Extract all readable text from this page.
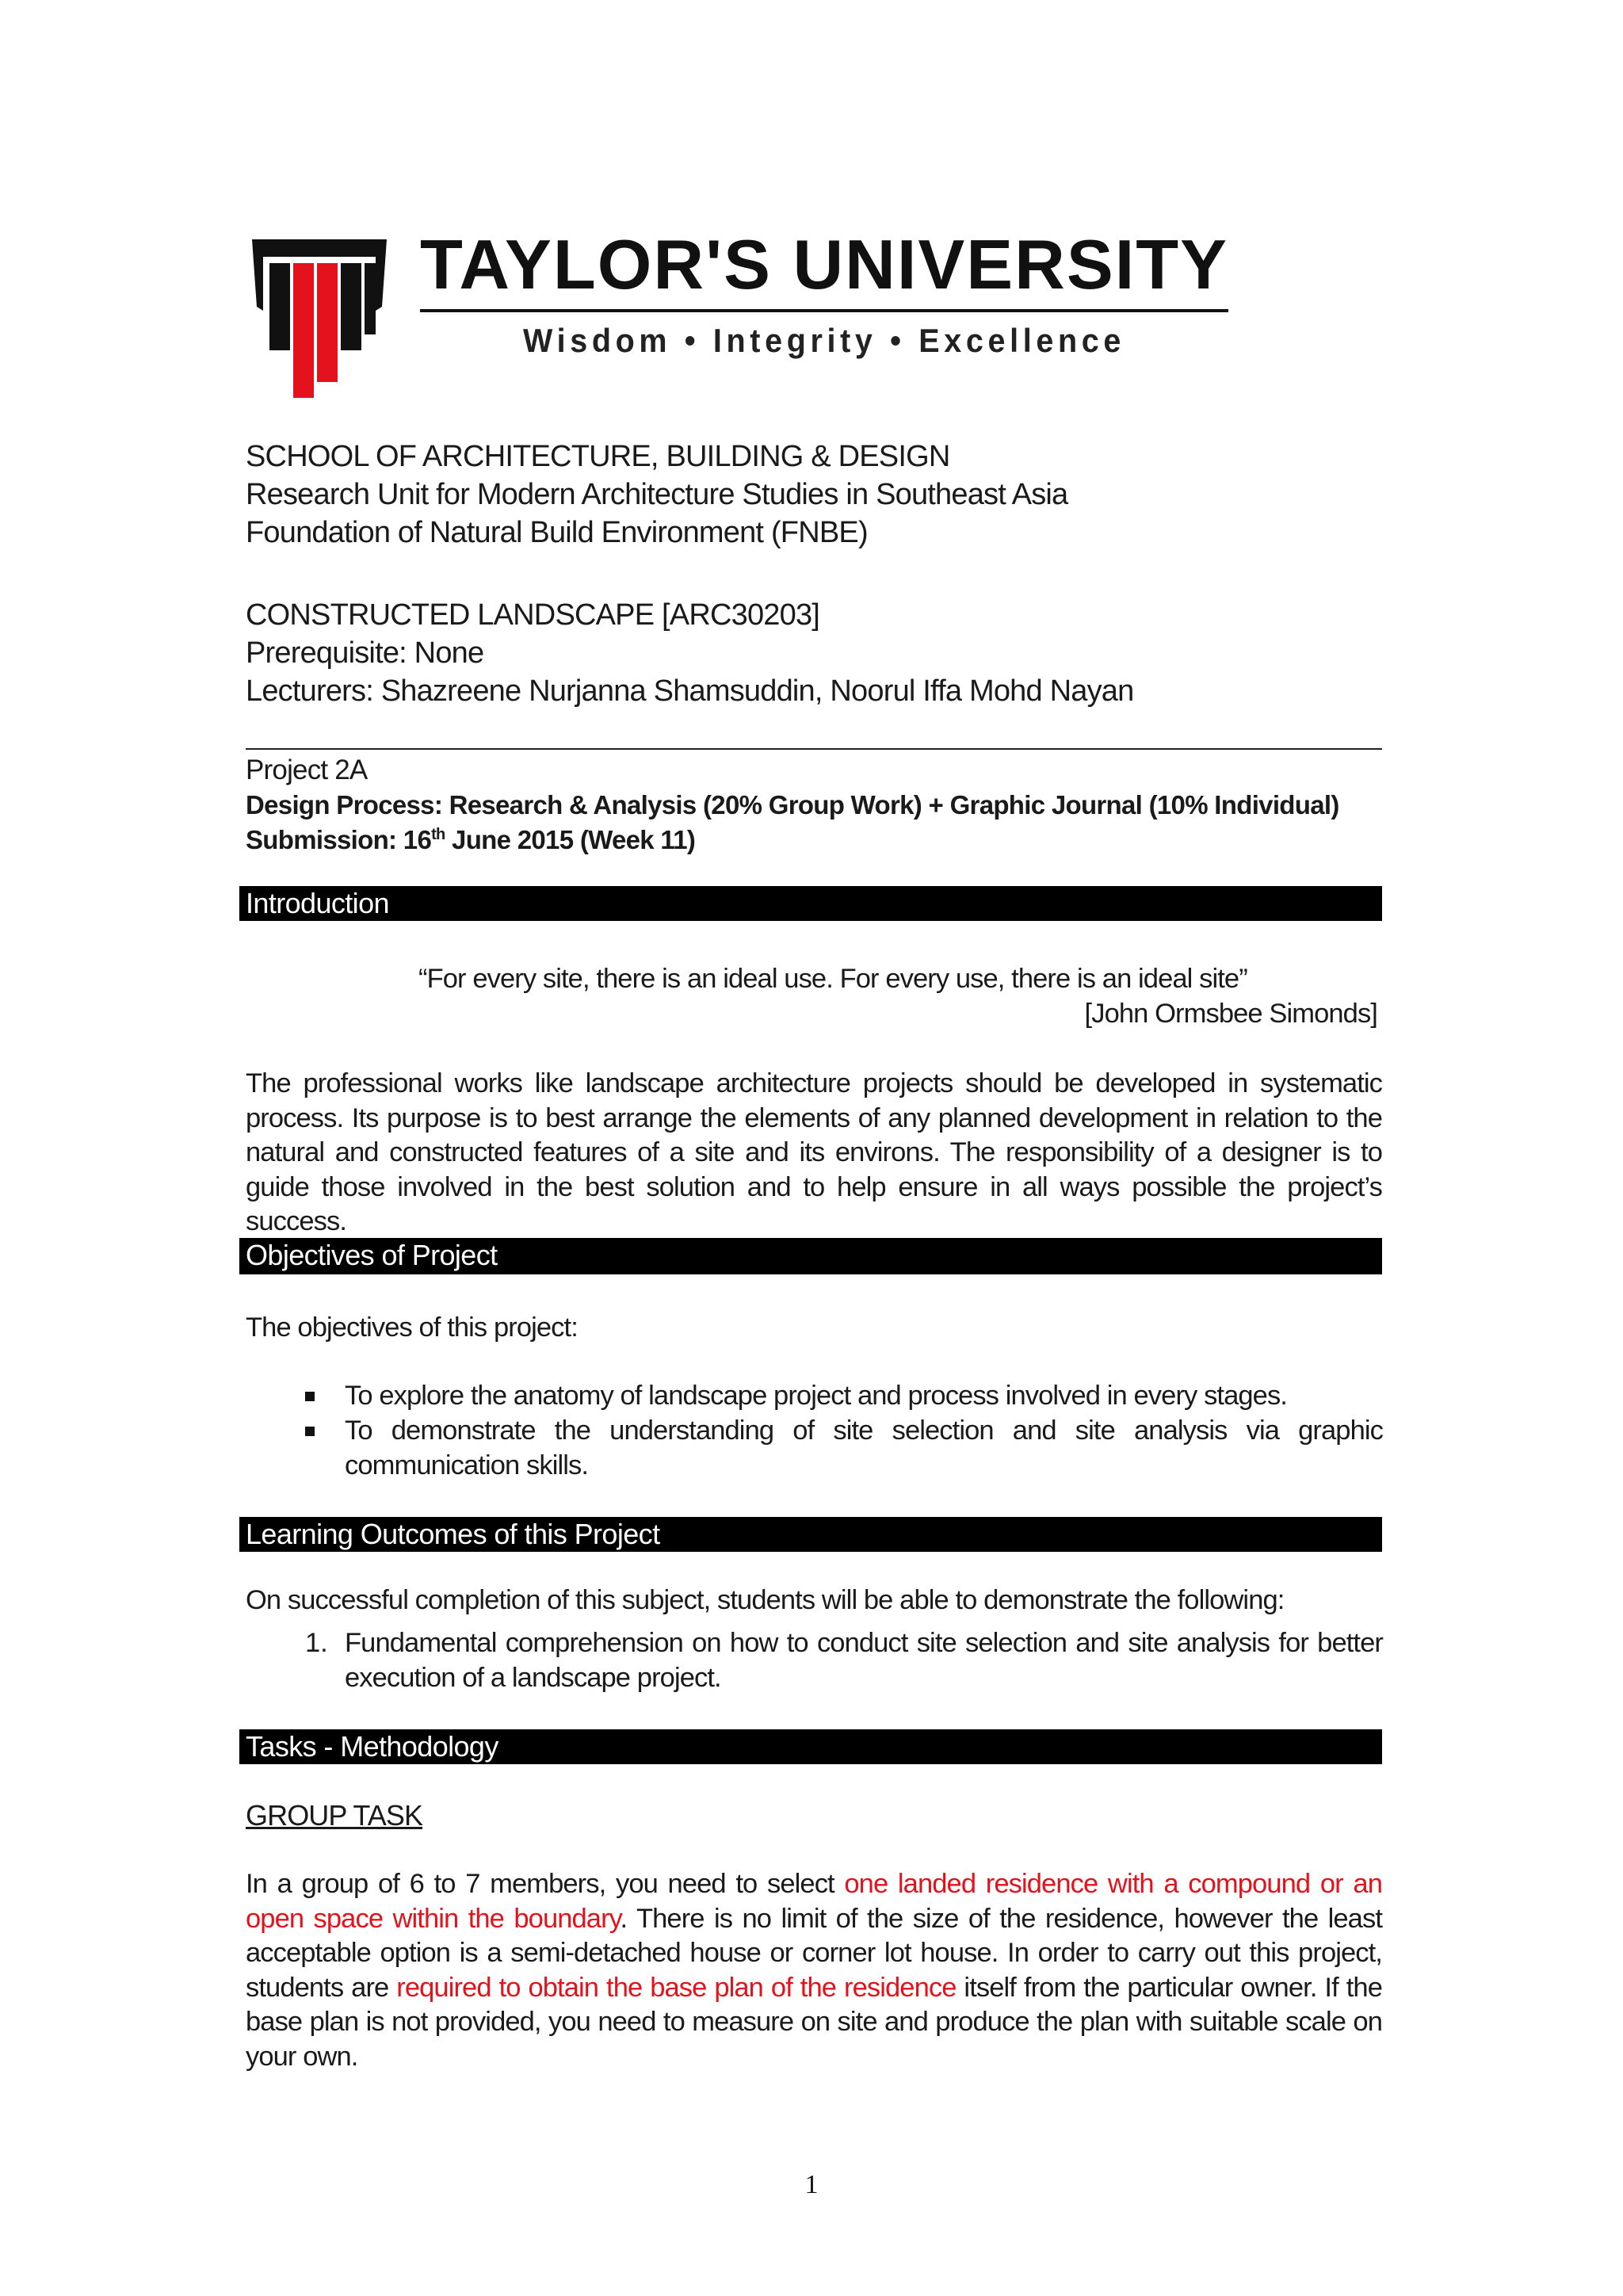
TAYLOR'S UNIVERSITY
Wisdom • Integrity • Excellence
SCHOOL OF ARCHITECTURE, BUILDING & DESIGN
Research Unit for Modern Architecture Studies in Southeast Asia
Foundation of Natural Build Environment (FNBE)
CONSTRUCTED LANDSCAPE [ARC30203]
Prerequisite: None
Lecturers: Shazreene Nurjanna Shamsuddin, Noorul Iffa Mohd Nayan
Project 2A
Design Process: Research & Analysis (20% Group Work) + Graphic Journal (10% Individual)
Submission: 16th June 2015 (Week 11)
Introduction
“For every site, there is an ideal use. For every use, there is an ideal site”
[John Ormsbee Simonds]
The professional works like landscape architecture projects should be developed in systematic process. Its purpose is to best arrange the elements of any planned development in relation to the natural and constructed features of a site and its environs. The responsibility of a designer is to guide those involved in the best solution and to help ensure in all ways possible the project’s success.
Objectives of Project
The objectives of this project:
To explore the anatomy of landscape project and process involved in every stages.
To demonstrate the understanding of site selection and site analysis via graphic communication skills.
Learning Outcomes of this Project
On successful completion of this subject, students will be able to demonstrate the following:
1. Fundamental comprehension on how to conduct site selection and site analysis for better execution of a landscape project.
Tasks - Methodology
GROUP TASK
In a group of 6 to 7 members, you need to select one landed residence with a compound or an open space within the boundary. There is no limit of the size of the residence, however the least acceptable option is a semi-detached house or corner lot house. In order to carry out this project, students are required to obtain the base plan of the residence itself from the particular owner. If the base plan is not provided, you need to measure on site and produce the plan with suitable scale on your own.
1
